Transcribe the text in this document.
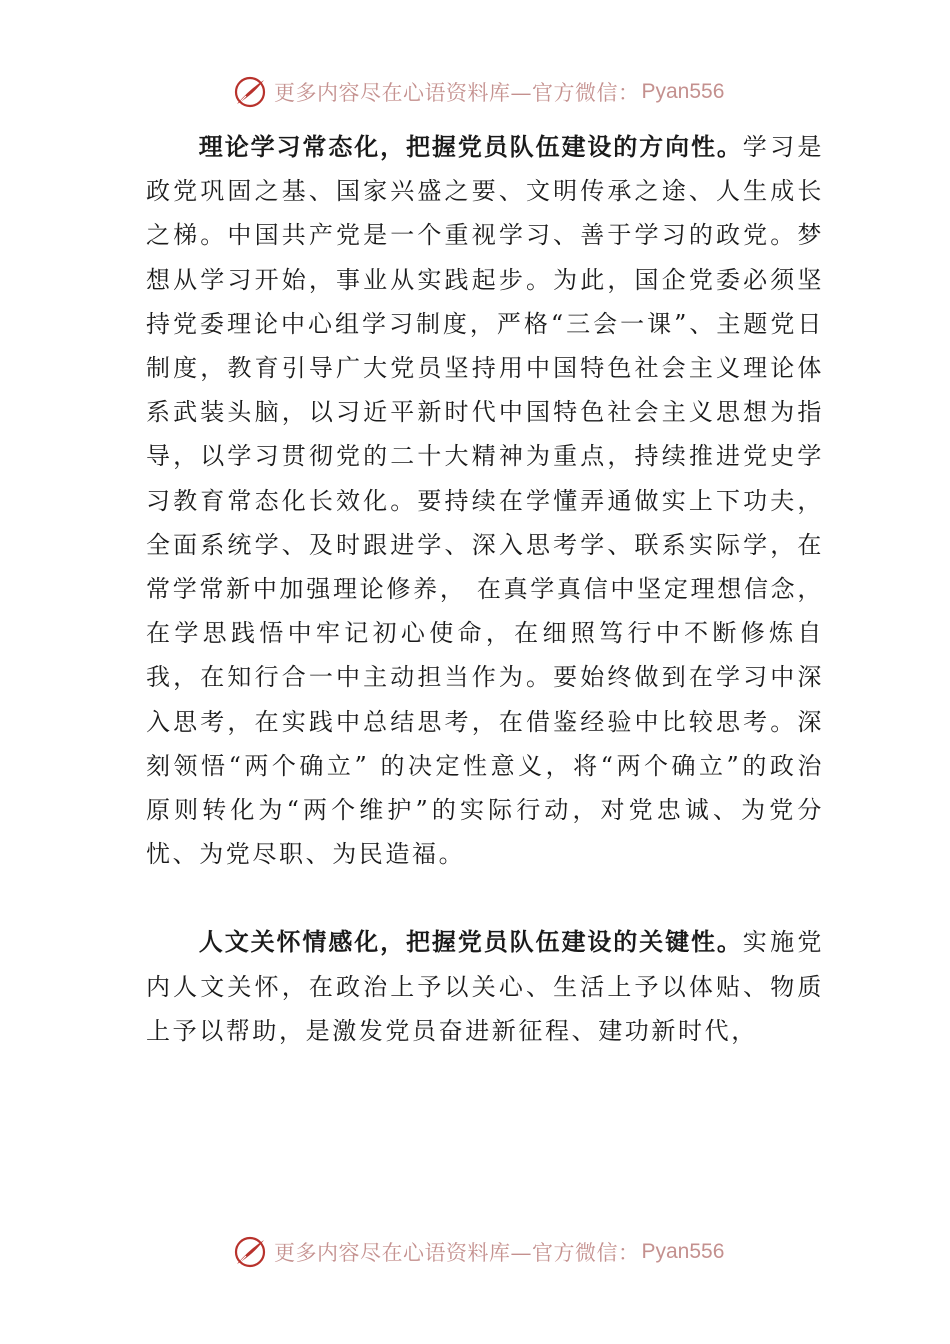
更多内容尽在心语资料库—官方微信： Pyan556

理论学习常态化，把握党员队伍建设的方向性。学习是政党巩固之基、国家兴盛之要、文明传承之途、人生成长之梯。中国共产党是一个重视学习、善于学习的政党。梦想从学习开始，事业从实践起步。为此，国企党委必须坚持党委理论中心组学习制度，严格“三会一课”、主题党日制度，教育引导广大党员坚持用中国特色社会主义理论体系武装头脑，以习近平新时代中国特色社会主义思想为指导，以学习贯彻党的二十大精神为重点，持续推进党史学习教育常态化长效化。要持续在学懂弄通做实上下功夫，全面系统学、及时跟进学、深入思考学、联系实际学，在常学常新中加强理论修养， 在真学真信中坚定理想信念，在学思践悟中牢记初心使命，在细照笃行中不断修炼自我，在知行合一中主动担当作为。要始终做到在学习中深入思考，在实践中总结思考，在借鉴经验中比较思考。深刻领悟“两个确立” 的决定性意义，将“两个确立”的政治原则转化为“两个维护”的实际行动，对党忠诚、为党分忧、为党尽职、为民造福。

人文关怀情感化，把握党员队伍建设的关键性。实施党内人文关怀，在政治上予以关心、生活上予以体贴、物质上予以帮助，是激发党员奋进新征程、建功新时代，

更多内容尽在心语资料库—官方微信： Pyan556
